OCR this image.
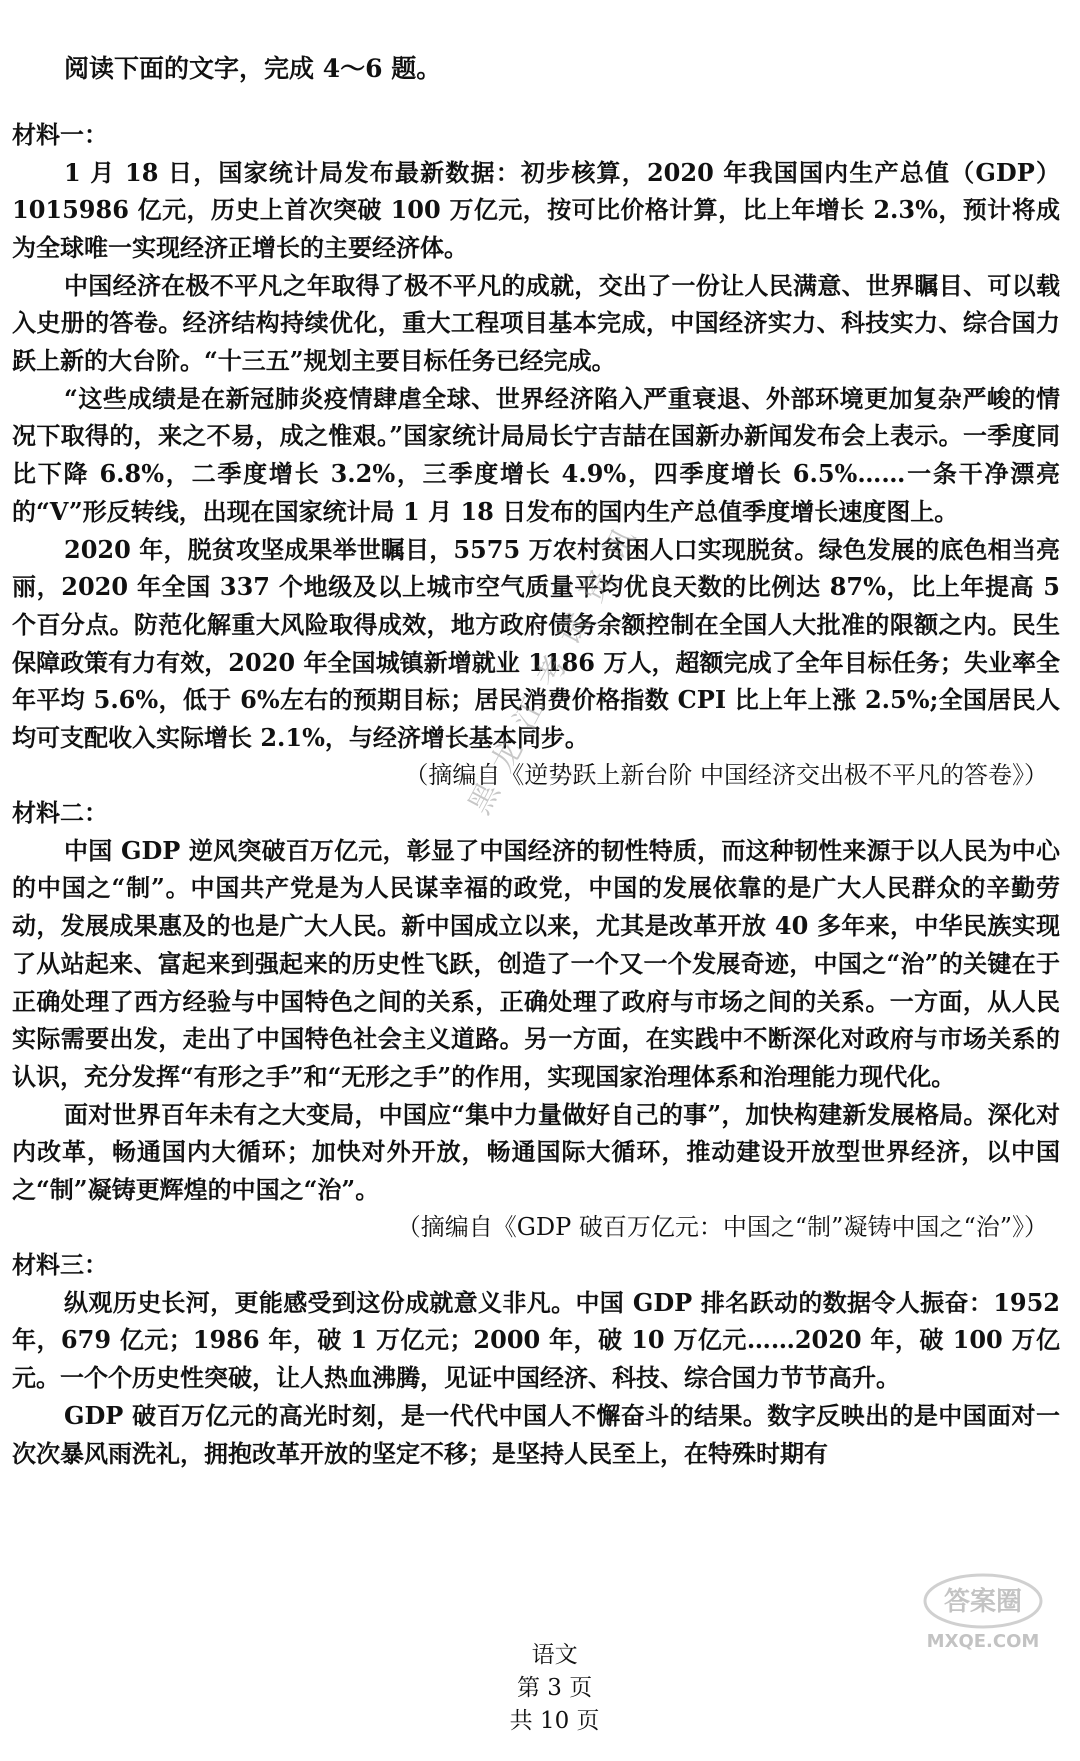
阅读下面的文字，完成 4～6 题。

材料一：

1 月 18 日，国家统计局发布最新数据：初步核算，2020 年我国国内生产总值（GDP）1015986 亿元，历史上首次突破 100 万亿元，按可比价格计算，比上年增长 2.3%，预计将成为全球唯一实现经济正增长的主要经济体。

中国经济在极不平凡之年取得了极不平凡的成就，交出了一份让人民满意、世界瞩目、可以载入史册的答卷。经济结构持续优化，重大工程项目基本完成，中国经济实力、科技实力、综合国力跃上新的大台阶。“十三五”规划主要目标任务已经完成。

“这些成绩是在新冠肺炎疫情肆虐全球、世界经济陷入严重衰退、外部环境更加复杂严峻的情况下取得的，来之不易，成之惟艰。”国家统计局局长宁吉喆在国新办新闻发布会上表示。一季度同比下降 6.8%，二季度增长 3.2%，三季度增长 4.9%，四季度增长 6.5%……一条干净漂亮的“V”形反转线，出现在国家统计局 1 月 18 日发布的国内生产总值季度增长速度图上。

2020 年，脱贫攻坚成果举世瞩目，5575 万农村贫困人口实现脱贫。绿色发展的底色相当亮丽，2020 年全国 337 个地级及以上城市空气质量平均优良天数的比例达 87%，比上年提高 5 个百分点。防范化解重大风险取得成效，地方政府债务余额控制在全国人大批准的限额之内。民生保障政策有力有效，2020 年全国城镇新增就业 1186 万人，超额完成了全年目标任务；失业率全年平均 5.6%，低于 6%左右的预期目标；居民消费价格指数 CPI 比上年上涨 2.5%;全国居民人均可支配收入实际增长 2.1%，与经济增长基本同步。

（摘编自《逆势跃上新台阶 中国经济交出极不平凡的答卷》）

材料二：

中国 GDP 逆风突破百万亿元，彰显了中国经济的韧性特质，而这种韧性来源于以人民为中心的中国之“制”。中国共产党是为人民谋幸福的政党，中国的发展依靠的是广大人民群众的辛勤劳动，发展成果惠及的也是广大人民。新中国成立以来，尤其是改革开放 40 多年来，中华民族实现了从站起来、富起来到强起来的历史性飞跃，创造了一个又一个发展奇迹，中国之“治”的关键在于正确处理了西方经验与中国特色之间的关系，正确处理了政府与市场之间的关系。一方面，从人民实际需要出发，走出了中国特色社会主义道路。另一方面，在实践中不断深化对政府与市场关系的认识，充分发挥“有形之手”和“无形之手”的作用，实现国家治理体系和治理能力现代化。

面对世界百年未有之大变局，中国应“集中力量做好自己的事”，加快构建新发展格局。深化对内改革，畅通国内大循环；加快对外开放，畅通国际大循环，推动建设开放型世界经济，以中国之“制”凝铸更辉煌的中国之“治”。

（摘编自《GDP 破百万亿元：中国之“制”凝铸中国之“治”》）

材料三：

纵观历史长河，更能感受到这份成就意义非凡。中国 GDP 排名跃动的数据令人振奋：1952 年，679 亿元；1986 年，破 1 万亿元；2000 年，破 10 万亿元……2020 年，破 100 万亿元。一个个历史性突破，让人热血沸腾，见证中国经济、科技、综合国力节节高升。

GDP 破百万亿元的高光时刻，是一代代中国人不懈奋斗的结果。数字反映出的是中国面对一次次暴风雨洗礼，拥抱改革开放的坚定不移；是坚持人民至上，在特殊时期有

黑龙江考试资讯

语文
第 3 页
共 10 页

答案圈
MXQE.COM
